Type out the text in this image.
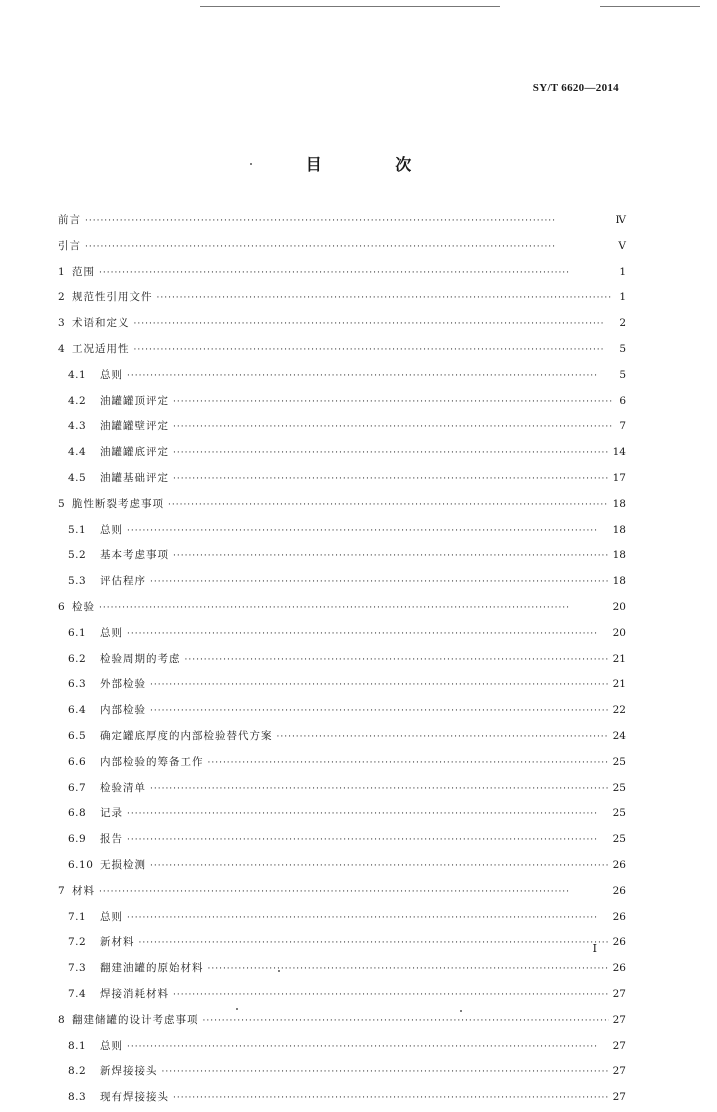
SY/T 6620—2014
目 次
前言 ·····	Ⅳ
引言 ·····	Ⅴ
1 范围 ·····	1
2 规范性引用文件 ·····	1
3 术语和定义 ·····	2
4 工况适用性 ·····	5
4.1	总则 ·····	5
4.2	油罐罐顶评定 ·····	6
4.3	油罐罐壁评定 ·····	7
4.4	油罐罐底评定 ·····	14
4.5	油罐基础评定 ·····	17
5 脆性断裂考虑事项 ·····	18
5.1	总则 ·····	18
5.2	基本考虑事项 ·····	18
5.3	评估程序 ·····	18
6 检验 ·····	20
6.1	总则 ·····	20
6.2	检验周期的考虑 ·····	21
6.3	外部检验 ·····	21
6.4	内部检验 ·····	22
6.5	确定罐底厚度的内部检验替代方案 ·····	24
6.6	内部检验的筹备工作 ·····	25
6.7	检验清单 ·····	25
6.8	记录 ·····	25
6.9	报告 ·····	25
6.10 无损检测 ·····	26
7 材料 ·····	26
7.1	总则 ·····	26
7.2	新材料 ·····	26
7.3	翻建油罐的原始材料 ·····	26
7.4	焊接消耗材料 ·····	27
8 翻建储罐的设计考虑事项 ·····	27
8.1	总则 ·····	27
8.2	新焊接接头 ·····	27
8.3	现有焊接接头 ·····	27
Ⅰ
